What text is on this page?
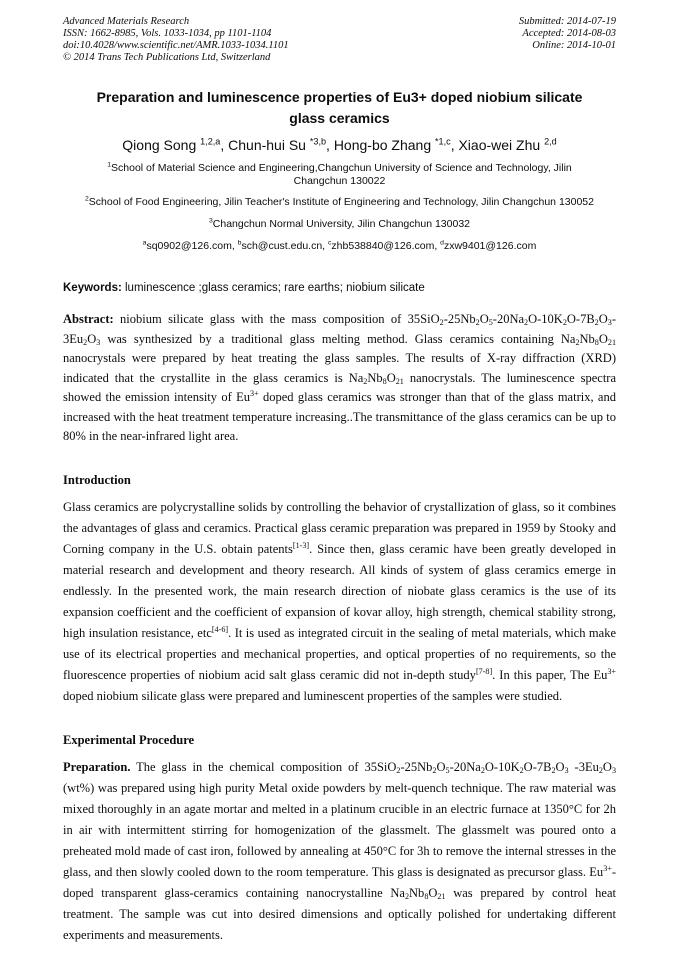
Advanced Materials Research
ISSN: 1662-8985, Vols. 1033-1034, pp 1101-1104
doi:10.4028/www.scientific.net/AMR.1033-1034.1101
© 2014 Trans Tech Publications Ltd, Switzerland
Submitted: 2014-07-19
Accepted: 2014-08-03
Online: 2014-10-01
Preparation and luminescence properties of Eu3+ doped niobium silicate glass ceramics
Qiong Song $^{1,2,a}$, Chun-hui Su $^{*3,b}$, Hong-bo Zhang $^{*1,c}$, Xiao-wei Zhu $^{2,d}$
$^1$School of Material Science and Engineering,Changchun University of Science and Technology, Jilin Changchun 130022
$^2$School of Food Engineering, Jilin Teacher's Institute of Engineering and Technology, Jilin Changchun 130052
$^3$Changchun Normal University, Jilin Changchun 130032
$^a$sq0902@126.com, $^b$sch@cust.edu.cn, $^c$zhb538840@126.com, $^d$zxw9401@126.com
Keywords: luminescence ;glass ceramics; rare earths; niobium silicate
Abstract: niobium silicate glass with the mass composition of $35SiO_2-25Nb_2O_5-20Na_2O-10K_2O-7B_2O_3-3Eu_2O_3$ was synthesized by a traditional glass melting method. Glass ceramics containing $Na_2Nb_8O_{21}$ nanocrystals were prepared by heat treating the glass samples. The results of X-ray diffraction (XRD) indicated that the crystallite in the glass ceramics is $Na_2Nb_8O_{21}$ nanocrystals. The luminescence spectra showed the emission intensity of $Eu^{3+}$ doped glass ceramics was stronger than that of the glass matrix, and increased with the heat treatment temperature increasing..The transmittance of the glass ceramics can be up to 80% in the near-infrared light area.
Introduction
Glass ceramics are polycrystalline solids by controlling the behavior of crystallization of glass, so it combines the advantages of glass and ceramics. Practical glass ceramic preparation was prepared in 1959 by Stooky and Corning company in the U.S. obtain patents[1-3]. Since then, glass ceramic have been greatly developed in material research and development and theory research. All kinds of system of glass ceramics emerge in endlessly. In the presented work, the main research direction of niobate glass ceramics is the use of its expansion coefficient and the coefficient of expansion of kovar alloy, high strength, chemical stability strong, high insulation resistance, etc[4-6]. It is used as integrated circuit in the sealing of metal materials, which make use of its electrical properties and mechanical properties, and optical properties of no requirements, so the fluorescence properties of niobium acid salt glass ceramic did not in-depth study[7-8]. In this paper, The $Eu^{3+}$ doped niobium silicate glass were prepared and luminescent properties of the samples were studied.
Experimental Procedure
Preparation. The glass in the chemical composition of $35SiO_2-25Nb_2O_5-20Na_2O-10K_2O-7B_2O_3$ $-3Eu_2O_3$ (wt%) was prepared using high purity Metal oxide powders by melt-quench technique. The raw material was mixed thoroughly in an agate mortar and melted in a platinum crucible in an electric furnace at 1350°C for 2h in air with intermittent stirring for homogenization of the glassmelt. The glassmelt was poured onto a preheated mold made of cast iron, followed by annealing at 450°C for 3h to remove the internal stresses in the glass, and then slowly cooled down to the room temperature. This glass is designated as precursor glass. $Eu^{3+}$-doped transparent glass-ceramics containing nanocrystalline $Na_2Nb_8O_{21}$ was prepared by control heat treatment. The sample was cut into desired dimensions and optically polished for undertaking different experiments and measurements.
